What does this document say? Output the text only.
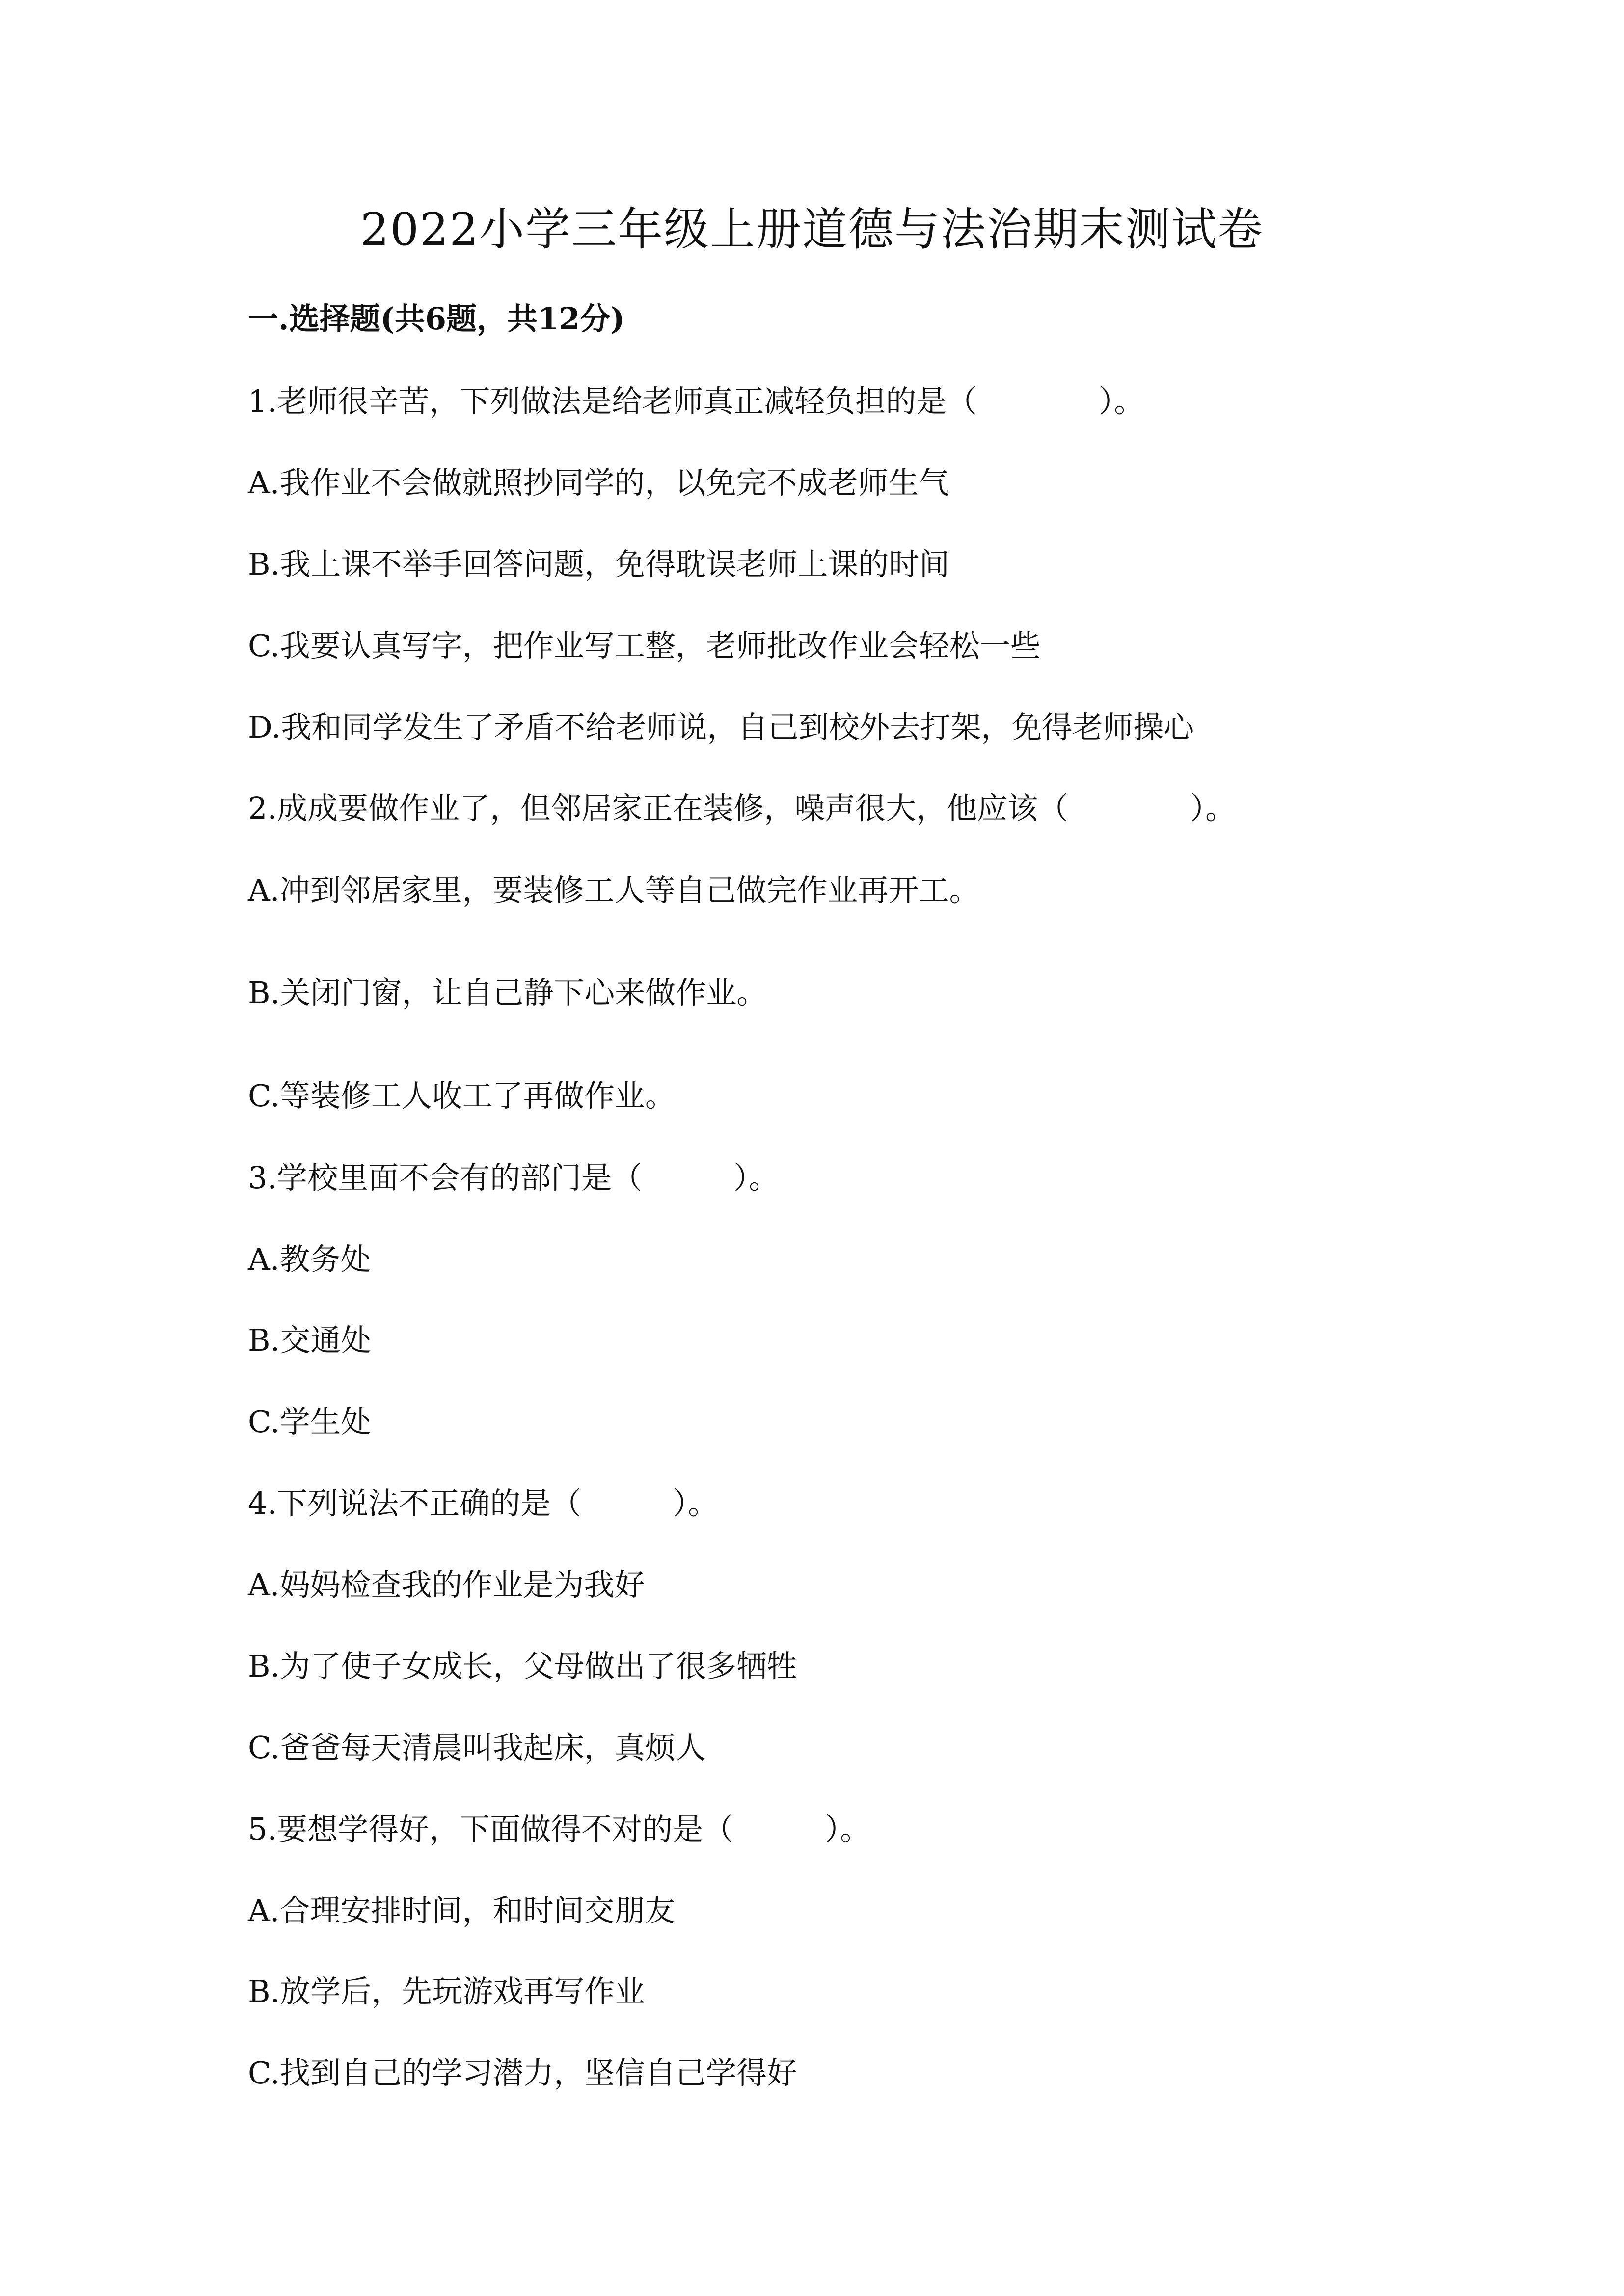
2022小学三年级上册道德与法治期末测试卷
一.选择题(共6题，共12分)
1.老师很辛苦，下列做法是给老师真正减轻负担的是（　　　　）。
A.我作业不会做就照抄同学的，以免完不成老师生气
B.我上课不举手回答问题，免得耽误老师上课的时间
C.我要认真写字，把作业写工整，老师批改作业会轻松一些
D.我和同学发生了矛盾不给老师说，自己到校外去打架，免得老师操心
2.成成要做作业了，但邻居家正在装修，噪声很大，他应该（　　　　）。
A.冲到邻居家里，要装修工人等自己做完作业再开工。
B.关闭门窗，让自己静下心来做作业。
C.等装修工人收工了再做作业。
3.学校里面不会有的部门是（　　　）。
A.教务处
B.交通处
C.学生处
4.下列说法不正确的是（　　　）。
A.妈妈检查我的作业是为我好
B.为了使子女成长，父母做出了很多牺牲
C.爸爸每天清晨叫我起床，真烦人
5.要想学得好，下面做得不对的是（　　　）。
A.合理安排时间，和时间交朋友
B.放学后，先玩游戏再写作业
C.找到自己的学习潜力，坚信自己学得好
